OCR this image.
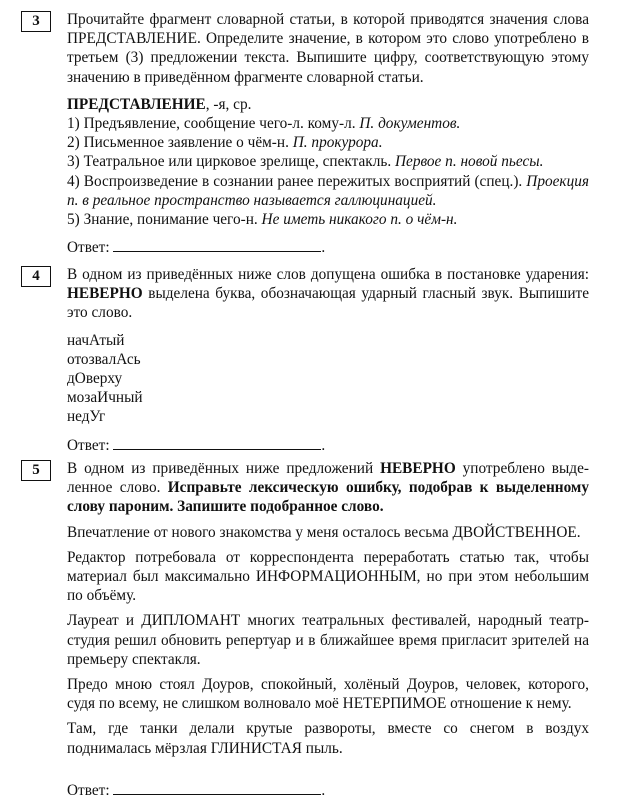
3	Прочитайте фрагмент словарной статьи, в которой приводятся значения слова ПРЕДСТАВЛЕНИЕ. Определите значение, в котором это слово употреблено в третьем (3) предложении текста. Выпишите цифру, соответствующую этому значению в приведённом фрагменте словарной статьи.

ПРЕДСТАВЛЕНИЕ, -я, ср.

1) Предъявление, сообщение чего-л. кому-л. П. документов.

2) Письменное заявление о чём-н. П. прокурора.

3) Театральное или цирковое зрелище, спектакль. Первое п. новой пьесы.

4) Воспроизведение в сознании ранее пережитых восприятий (спец.). Проекция п. в реальное пространство называется галлюцинацией.

5) Знание, понимание чего-н. Не иметь никакого п. о чём-н.

Ответ:	.

4	В одном из приведённых ниже слов допущена ошибка в постановке ударения: НЕВЕРНО выделена буква, обозначающая ударный гласный звук. Выпишите это слово.

начАтый

отозвалАсь

дОверху

мозаИчный

недУг

Ответ:	.

5	В одном из приведённых ниже предложений НЕВЕРНО употреблено выделенное слово. Исправьте лексическую ошибку, подобрав к выделенному слову пароним. Запишите подобранное слово.

Впечатление от нового знакомства у меня осталось весьма ДВОЙСТВЕННОЕ.

Редактор потребовала от корреспондента переработать статью так, чтобы материал был максимально ИНФОРМАЦИОННЫМ, но при этом небольшим по объёму.

Лауреат и ДИПЛОМАНТ многих театральных фестивалей, народный театр-студия решил обновить репертуар и в ближайшее время пригласит зрителей на премьеру спектакля.

Предо мною стоял Доуров, спокойный, холёный Доуров, человек, которого, судя по всему, не слишком волновало моё НЕТЕРПИМОЕ отношение к нему.

Там, где танки делали крутые развороты, вместе со снегом в воздух поднималась мёрзлая ГЛИНИСТАЯ пыль.

Ответ:	.
